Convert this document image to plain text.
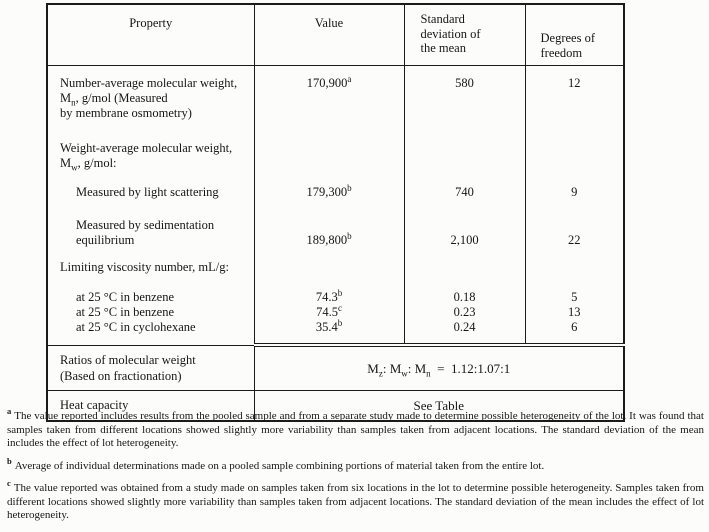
Property	Value	Standard deviation of the mean	Degrees of freedom

Number-average molecular weight,	170,900$^a$	580	12
$M_n$, g/mol (Measured			
by membrane osmometry)			

Weight-average molecular weight,			
$M_w$, g/mol:			

Measured by light scattering	179,300$^b$	740	9

Measured by sedimentation			
equilibrium	189,800$^b$	2,100	22

Limiting viscosity number, mL/g:			

at 25 °C in benzene	74.3$^b$	0.18	5
at 25 °C in benzene	74.5$^c$	0.23	13
at 25 °C in cyclohexane	35.4$^b$	0.24	6

Ratios of molecular weight
(Based on fractionation)	$M_z$: $M_w$: $M_n$  =  1.12:1.07:1		
Heat capacity	See Table		

$^a$ The value reported includes results from the pooled sample and from a separate study made to determine possible heterogeneity of the lot. It was found that samples taken from different locations showed slightly more variability than samples taken from adjacent locations. The standard deviation of the mean includes the effect of lot heterogeneity.

$^b$ Average of individual determinations made on a pooled sample combining portions of material taken from the entire lot.

$^c$ The value reported was obtained from a study made on samples taken from six locations in the lot to determine possible heterogeneity. Samples taken from different locations showed slightly more variability than samples taken from adjacent locations. The standard deviation of the mean includes the effect of lot heterogeneity.
